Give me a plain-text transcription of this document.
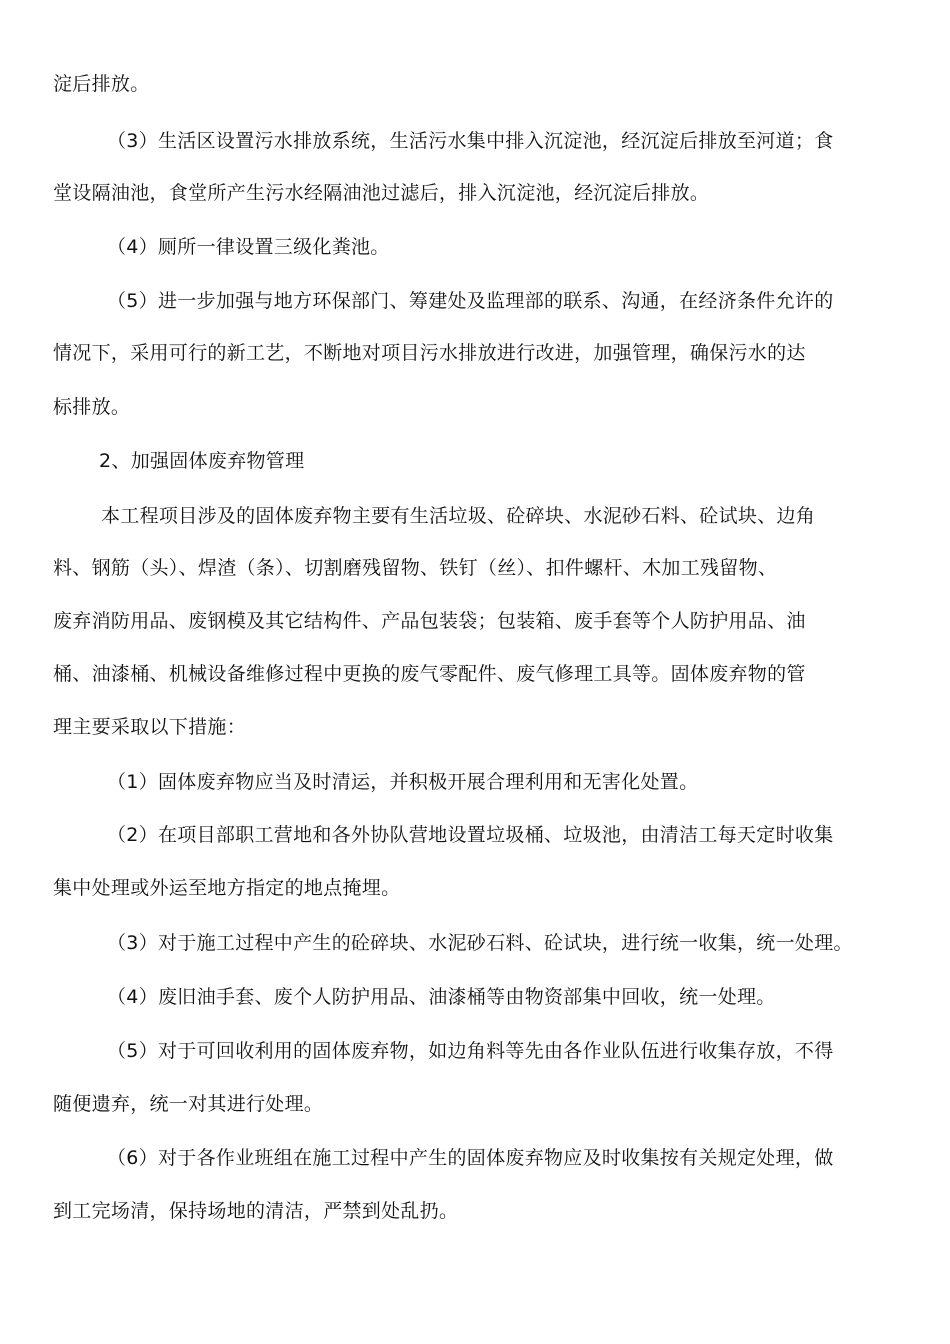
淀后排放。
（3）生活区设置污水排放系统，生活污水集中排入沉淀池，经沉淀后排放至河道；食
堂设隔油池，食堂所产生污水经隔油池过滤后，排入沉淀池，经沉淀后排放。
（4）厕所一律设置三级化粪池。
（5）进一步加强与地方环保部门、筹建处及监理部的联系、沟通，在经济条件允许的
情况下，采用可行的新工艺，不断地对项目污水排放进行改进，加强管理，确保污水的达
标排放。
2、加强固体废弃物管理
本工程项目涉及的固体废弃物主要有生活垃圾、砼碎块、水泥砂石料、砼试块、边角
料、钢筋（头）、焊渣（条）、切割磨残留物、铁钉（丝）、扣件螺杆、木加工残留物、
废弃消防用品、废钢模及其它结构件、产品包装袋；包装箱、废手套等个人防护用品、油
桶、油漆桶、机械设备维修过程中更换的废气零配件、废气修理工具等。固体废弃物的管
理主要采取以下措施：
（1）固体废弃物应当及时清运，并积极开展合理利用和无害化处置。
（2）在项目部职工营地和各外协队营地设置垃圾桶、垃圾池，由清洁工每天定时收集
集中处理或外运至地方指定的地点掩埋。
（3）对于施工过程中产生的砼碎块、水泥砂石料、砼试块，进行统一收集，统一处理。
（4）废旧油手套、废个人防护用品、油漆桶等由物资部集中回收，统一处理。
（5）对于可回收利用的固体废弃物，如边角料等先由各作业队伍进行收集存放，不得
随便遗弃，统一对其进行处理。
（6）对于各作业班组在施工过程中产生的固体废弃物应及时收集按有关规定处理，做
到工完场清，保持场地的清洁，严禁到处乱扔。
